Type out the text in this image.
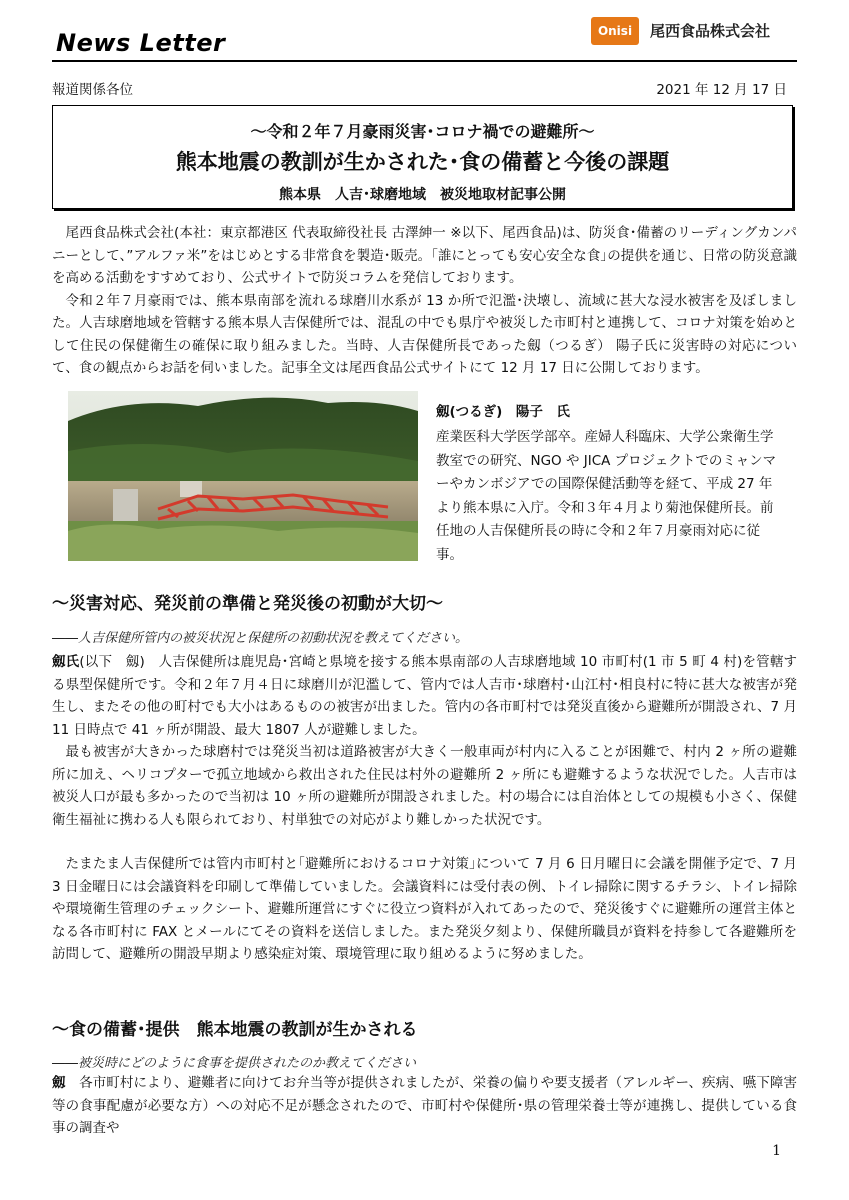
News Letter	Onisi 尾西食品株式会社
報道関係各位	2021 年 12 月 17 日
～令和２年７月豪雨災害･コロナ禍での避難所～
熊本地震の教訓が生かされた･食の備蓄と今後の課題
熊本県　人吉･球磨地域　被災地取材記事公開

尾西食品株式会社(本社：東京都港区 代表取締役社長 古澤紳一 ※以下、尾西食品)は、防災食･備蓄のリーディングカンパニーとして、”アルファ米”をはじめとする非常食を製造･販売。｢誰にとっても安心安全な食｣の提供を通じ、日常の防災意識を高める活動をすすめており、公式サイトで防災コラムを発信しております。

令和２年７月豪雨では、熊本県南部を流れる球磨川水系が 13 か所で氾濫･決壊し、流域に甚大な浸水被害を及ぼしました。人吉球磨地域を管轄する熊本県人吉保健所では、混乱の中でも県庁や被災した市町村と連携して、コロナ対策を始めとして住民の保健衛生の確保に取り組みました。当時、人吉保健所長であった劔（つるぎ） 陽子氏に災害時の対応について、食の観点からお話を伺いました。記事全文は尾西食品公式サイトにて 12 月 17 日に公開しております。

劔(つるぎ)　陽子　氏
産業医科大学医学部卒。産婦人科臨床、大学公衆衛生学教室での研究、NGO や JICA プロジェクトでのミャンマーやカンボジアでの国際保健活動等を経て、平成 27 年より熊本県に入庁。令和３年４月より菊池保健所長。前任地の人吉保健所長の時に令和２年７月豪雨対応に従事。
～災害対応、発災前の準備と発災後の初動が大切～
――人吉保健所管内の被災状況と保健所の初動状況を教えてください。

劔氏(以下　劔)　人吉保健所は鹿児島･宮崎と県境を接する熊本県南部の人吉球磨地域 10 市町村(1 市 5 町 4 村)を管轄する県型保健所です。令和２年７月４日に球磨川が氾濫して、管内では人吉市･球磨村･山江村･相良村に特に甚大な被害が発生し、またその他の町村でも大小はあるものの被害が出ました。管内の各市町村では発災直後から避難所が開設され、7 月 11 日時点で 41 ヶ所が開設、最大 1807 人が避難しました。

最も被害が大きかった球磨村では発災当初は道路被害が大きく一般車両が村内に入ることが困難で、村内 2 ヶ所の避難所に加え、ヘリコプターで孤立地域から救出された住民は村外の避難所 2 ヶ所にも避難するような状況でした。人吉市は被災人口が最も多かったので当初は 10 ヶ所の避難所が開設されました。村の場合には自治体としての規模も小さく、保健衛生福祉に携わる人も限られており、村単独での対応がより難しかった状況です。

たまたま人吉保健所では管内市町村と｢避難所におけるコロナ対策｣について 7 月 6 日月曜日に会議を開催予定で、7 月 3 日金曜日には会議資料を印刷して準備していました。会議資料には受付表の例、トイレ掃除に関するチラシ、トイレ掃除や環境衛生管理のチェックシート、避難所運営にすぐに役立つ資料が入れてあったので、発災後すぐに避難所の運営主体となる各市町村に FAX とメールにてその資料を送信しました。また発災夕刻より、保健所職員が資料を持参して各避難所を訪問して、避難所の開設早期より感染症対策、環境管理に取り組めるように努めました。

～食の備蓄･提供　熊本地震の教訓が生かされる
――被災時にどのように食事を提供されたのか教えてください

劔　各市町村により、避難者に向けてお弁当等が提供されましたが、栄養の偏りや要支援者（アレルギー、疾病、嚥下障害等の食事配慮が必要な方）への対応不足が懸念されたので、市町村や保健所･県の管理栄養士等が連携し、提供している食事の調査や

1
